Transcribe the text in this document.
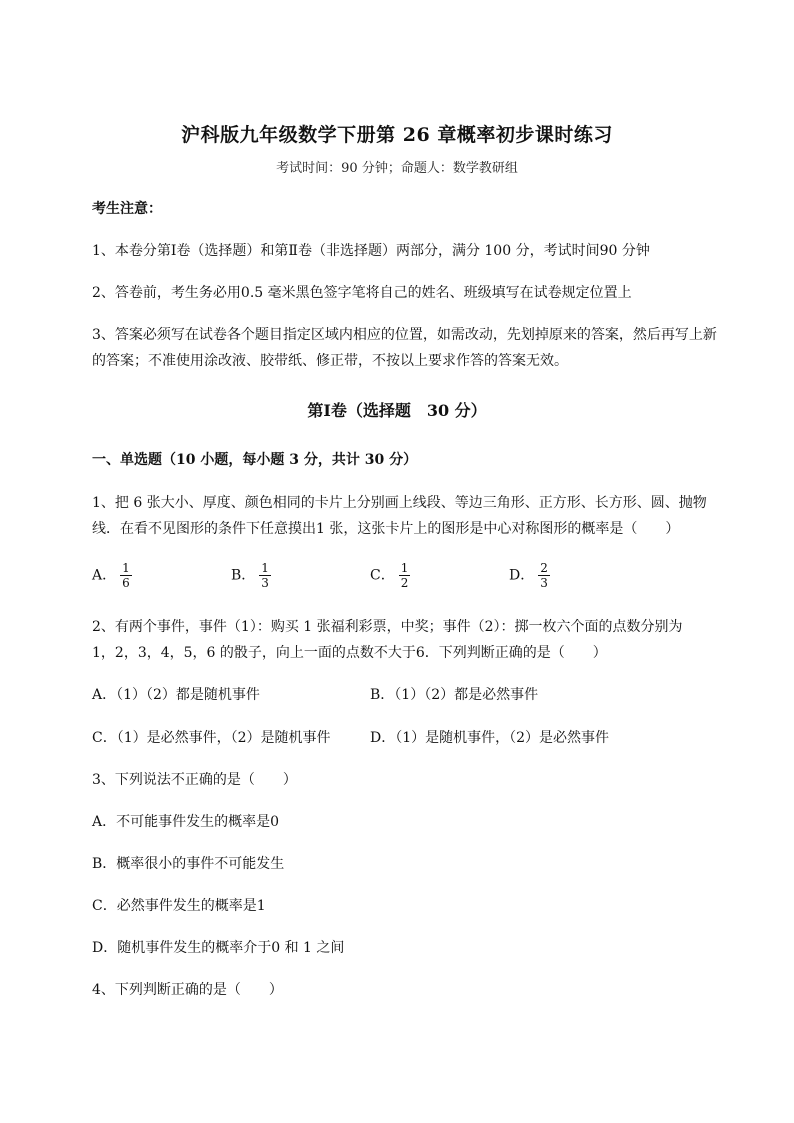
沪科版九年级数学下册第 26 章概率初步课时练习
考试时间：90 分钟；命题人：数学教研组
考生注意：
1、本卷分第Ⅰ卷（选择题）和第Ⅱ卷（非选择题）两部分，满分 100 分，考试时间90 分钟
2、答卷前，考生务必用0.5 毫米黑色签字笔将自己的姓名、班级填写在试卷规定位置上
3、答案必须写在试卷各个题目指定区域内相应的位置，如需改动，先划掉原来的答案，然后再写上新
的答案；不准使用涂改液、胶带纸、修正带，不按以上要求作答的答案无效。
第Ⅰ卷（选择题　30 分）
一、单选题（10 小题，每小题 3 分，共计 30 分）
1、把 6 张大小、厚度、颜色相同的卡片上分别画上线段、等边三角形、正方形、长方形、圆、抛物
线．在看不见图形的条件下任意摸出1 张，这张卡片上的图形是中心对称图形的概率是（　　）
A． $\frac{1}{6}$	B． $\frac{1}{3}$	C． $\frac{1}{2}$	D． $\frac{2}{3}$
2、有两个事件，事件（1）：购买 1 张福利彩票，中奖；事件（2）：掷一枚六个面的点数分别为
1，2，3，4，5，6 的骰子，向上一面的点数不大于6．下列判断正确的是（　　）
A．（1）（2）都是随机事件	B．（1）（2）都是必然事件
C．（1）是必然事件，（2）是随机事件	D．（1）是随机事件，（2）是必然事件
3、下列说法不正确的是（　　）
A．不可能事件发生的概率是0
B．概率很小的事件不可能发生
C．必然事件发生的概率是1
D．随机事件发生的概率介于0 和 1 之间
4、下列判断正确的是（　　）
